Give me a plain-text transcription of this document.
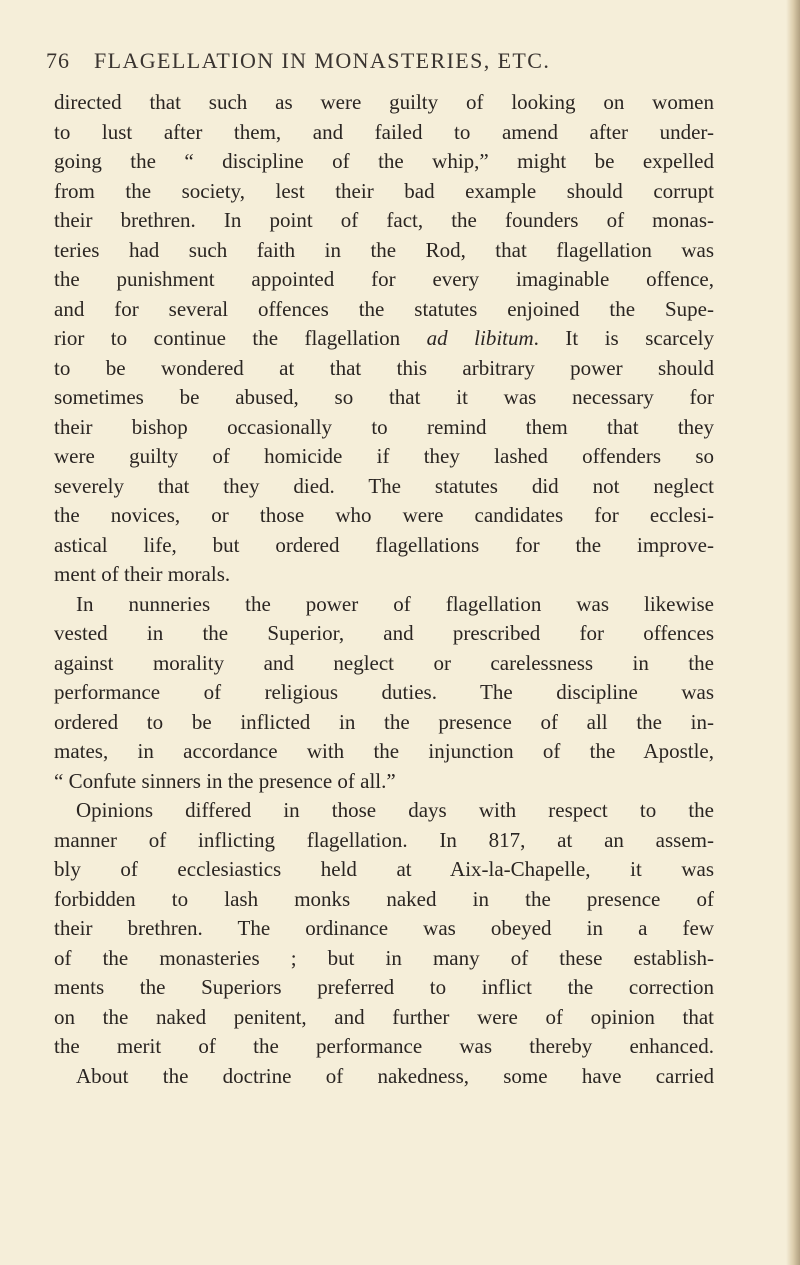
76 FLAGELLATION IN MONASTERIES, ETC.
directed that such as were guilty of looking on women
to lust after them, and failed to amend after under-
going the “ discipline of the whip,” might be expelled
from the society, lest their bad example should corrupt
their brethren. In point of fact, the founders of monas-
teries had such faith in the Rod, that flagellation was
the punishment appointed for every imaginable offence,
and for several offences the statutes enjoined the Supe-
rior to continue the flagellation ad libitum. It is scarcely
to be wondered at that this arbitrary power should
sometimes be abused, so that it was necessary for
their bishop occasionally to remind them that they
were guilty of homicide if they lashed offenders so
severely that they died. The statutes did not neglect
the novices, or those who were candidates for ecclesi-
astical life, but ordered flagellations for the improve-
ment of their morals.
In nunneries the power of flagellation was likewise
vested in the Superior, and prescribed for offences
against morality and neglect or carelessness in the
performance of religious duties. The discipline was
ordered to be inflicted in the presence of all the in-
mates, in accordance with the injunction of the Apostle,
“ Confute sinners in the presence of all.”
Opinions differed in those days with respect to the
manner of inflicting flagellation. In 817, at an assem-
bly of ecclesiastics held at Aix-la-Chapelle, it was
forbidden to lash monks naked in the presence of
their brethren. The ordinance was obeyed in a few
of the monasteries ; but in many of these establish-
ments the Superiors preferred to inflict the correction
on the naked penitent, and further were of opinion that
the merit of the performance was thereby enhanced.
About the doctrine of nakedness, some have carried
